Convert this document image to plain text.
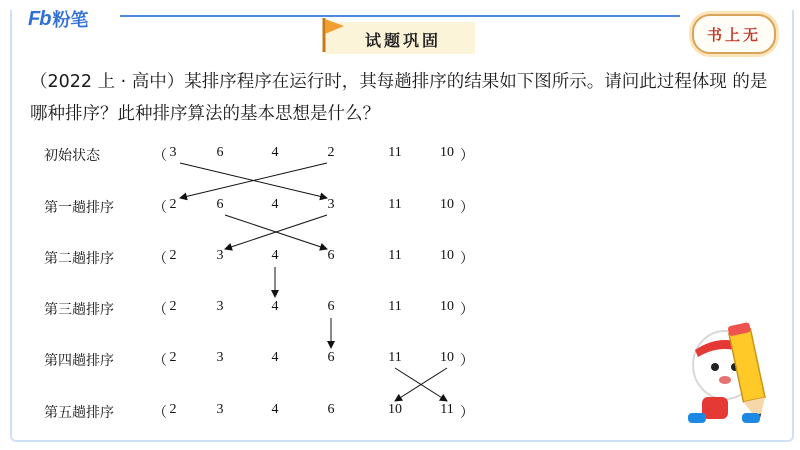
Fb 粉笔
试题巩固	书上无
（2022 上 · 高中）某排序程序在运行时，其每趟排序的结果如下图所示。请问此过程体现 的是哪种排序？此种排序算法的基本思想是什么？
初始状态	（ 3	6	4	2	11	10 ）
第一趟排序	（ 2	6	4	3	11	10 ）
第二趟排序	（ 2	3	4	6	11	10 ）
第三趟排序	（ 2	3	4	6	11	10 ）
第四趟排序	（ 2	3	4	6	11	10 ）
第五趟排序	（ 2	3	4	6	10	11 ）
